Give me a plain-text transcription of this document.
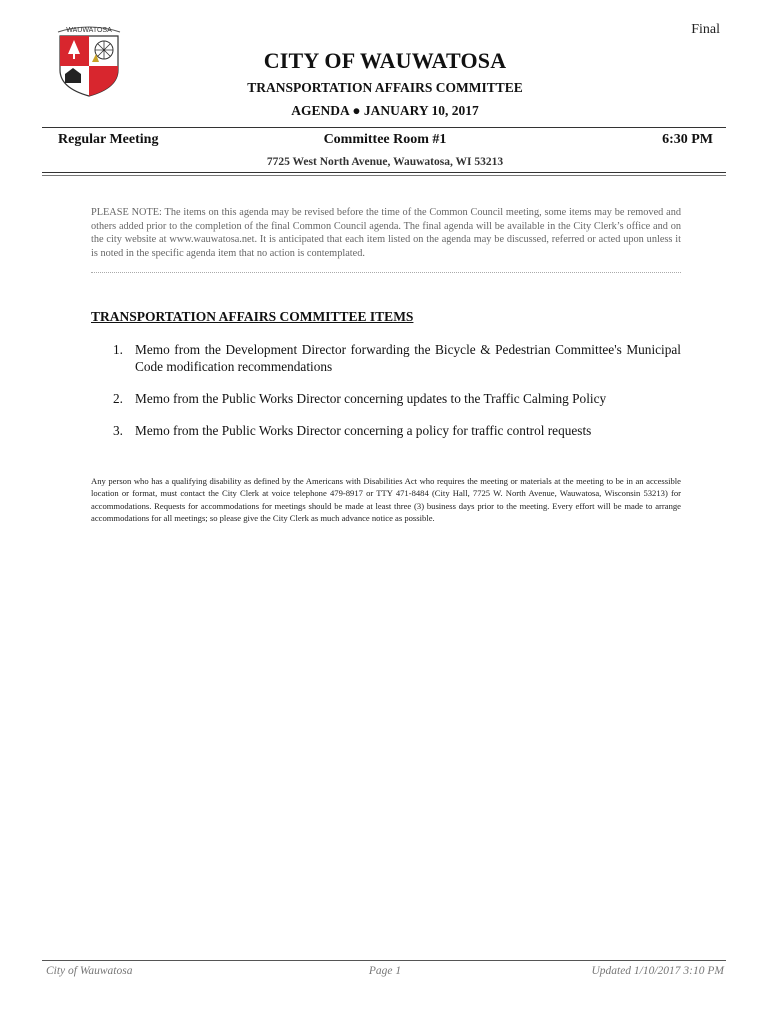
Final
WAUWATOSA
CITY OF WAUWATOSA
TRANSPORTATION AFFAIRS COMMITTEE
AGENDA ● JANUARY 10, 2017
Regular Meeting	Committee Room #1	6:30 PM
7725 West North Avenue, Wauwatosa, WI 53213
PLEASE NOTE: The items on this agenda may be revised before the time of the Common Council meeting, some items may be removed and others added prior to the completion of the final Common Council agenda. The final agenda will be available in the City Clerk’s office and on the city website at www.wauwatosa.net. It is anticipated that each item listed on the agenda may be discussed, referred or acted upon unless it is noted in the specific agenda item that no action is contemplated.
TRANSPORTATION AFFAIRS COMMITTEE ITEMS
1. Memo from the Development Director forwarding the Bicycle & Pedestrian Committee's Municipal Code modification recommendations
2. Memo from the Public Works Director concerning updates to the Traffic Calming Policy
3. Memo from the Public Works Director concerning a policy for traffic control requests
Any person who has a qualifying disability as defined by the Americans with Disabilities Act who requires the meeting or materials at the meeting to be in an accessible location or format, must contact the City Clerk at voice telephone 479-8917 or TTY 471-8484 (City Hall, 7725 W. North Avenue, Wauwatosa, Wisconsin 53213) for accommodations. Requests for accommodations for meetings should be made at least three (3) business days prior to the meeting. Every effort will be made to arrange accommodations for all meetings; so please give the City Clerk as much advance notice as possible.
City of Wauwatosa	Page 1	Updated 1/10/2017 3:10 PM
